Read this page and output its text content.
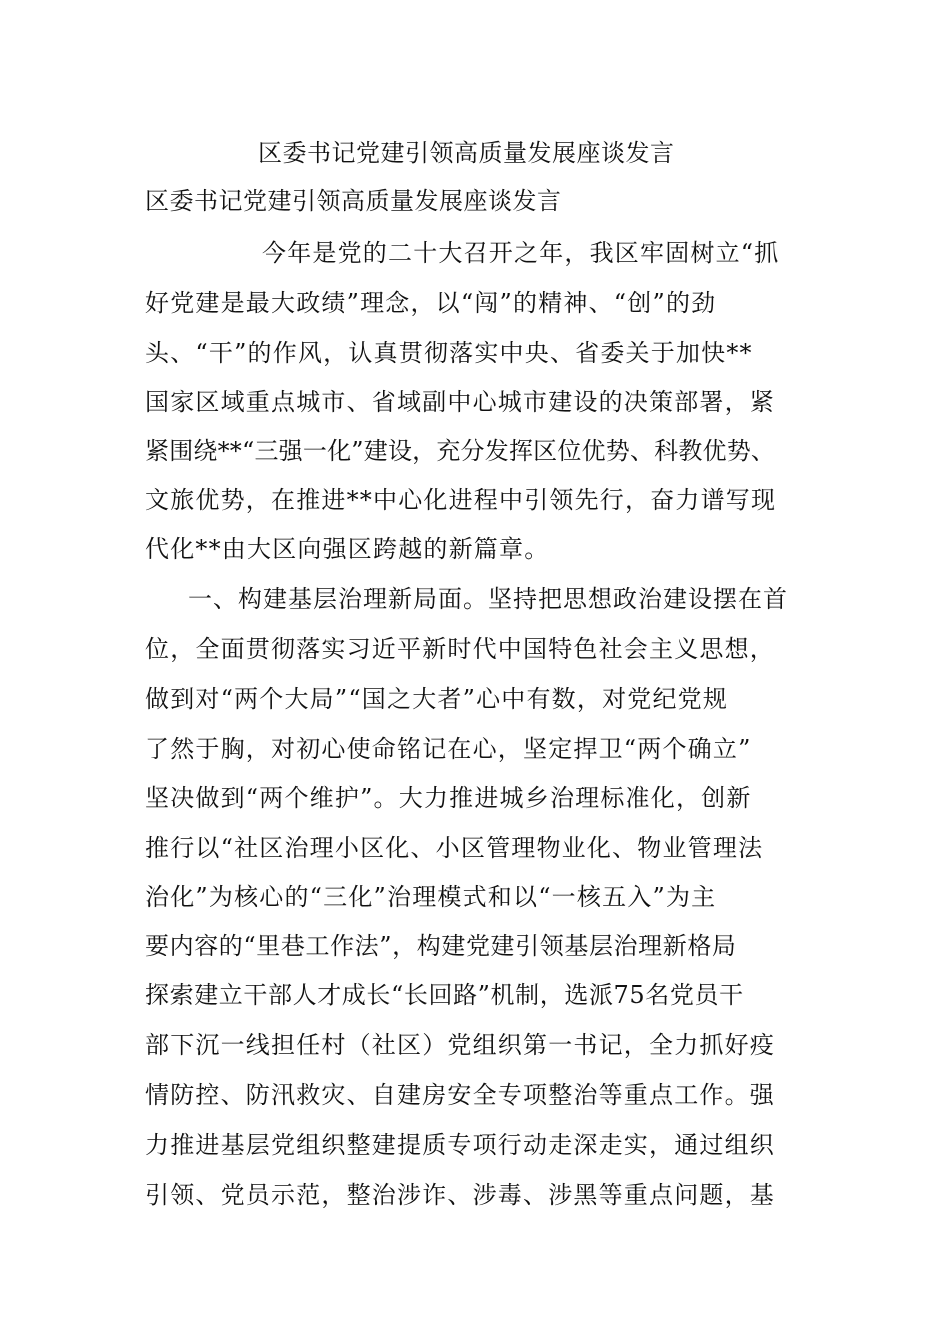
区委书记党建引领高质量发展座谈发言
区委书记党建引领高质量发展座谈发言
今年是党的二十大召开之年，我区牢固树立“抓
好党建是最大政绩”理念，以“闯”的精神、“创”的劲
头、“干”的作风，认真贯彻落实中央、省委关于加快**
国家区域重点城市、省域副中心城市建设的决策部署，紧
紧围绕**“三强一化”建设，充分发挥区位优势、科教优势、
文旅优势，在推进**中心化进程中引领先行，奋力谱写现
代化**由大区向强区跨越的新篇章。
一、构建基层治理新局面。坚持把思想政治建设摆在首
位，全面贯彻落实习近平新时代中国特色社会主义思想，
做到对“两个大局”“国之大者”心中有数，对党纪党规
了然于胸，对初心使命铭记在心，坚定捍卫“两个确立”
坚决做到“两个维护”。大力推进城乡治理标准化，创新
推行以“社区治理小区化、小区管理物业化、物业管理法
治化”为核心的“三化”治理模式和以“一核五入”为主
要内容的“里巷工作法”，构建党建引领基层治理新格局
探索建立干部人才成长“长回路”机制，选派75名党员干
部下沉一线担任村（社区）党组织第一书记，全力抓好疫
情防控、防汛救灾、自建房安全专项整治等重点工作。强
力推进基层党组织整建提质专项行动走深走实，通过组织
引领、党员示范，整治涉诈、涉毒、涉黑等重点问题，基
